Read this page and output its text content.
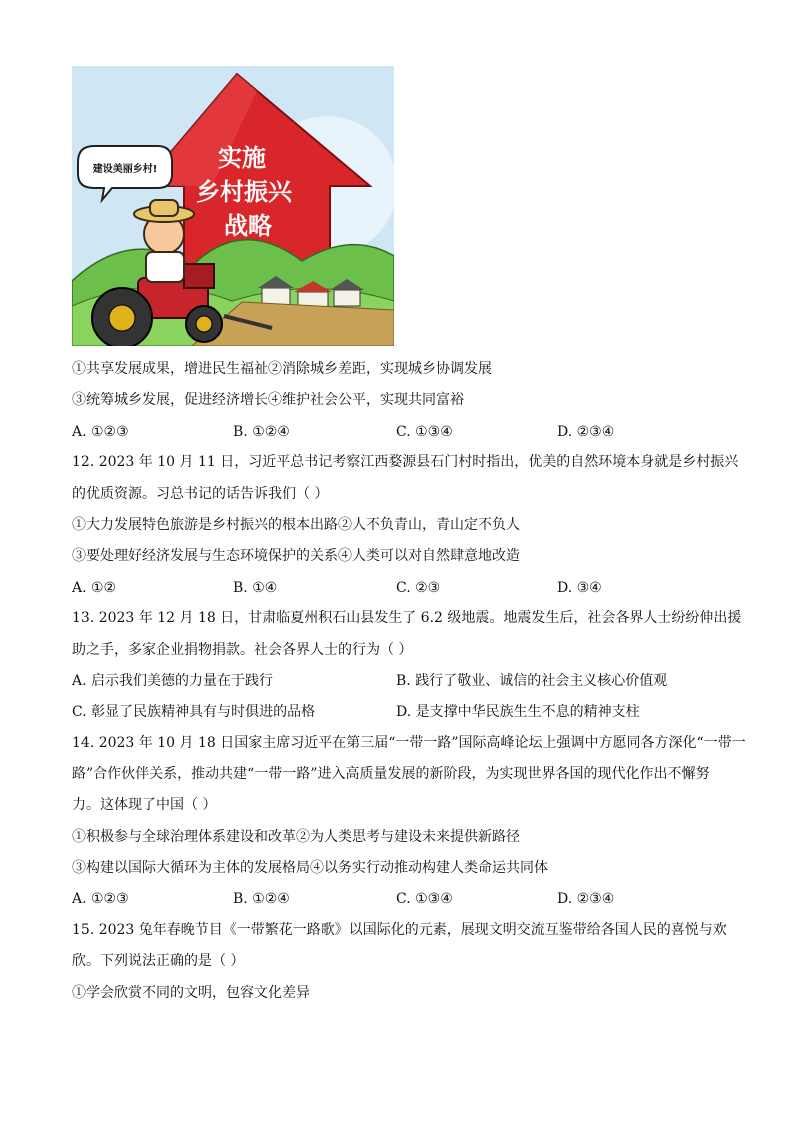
建设美丽乡村!	实施
乡村振兴
战略
①共享发展成果，增进民生福祉②消除城乡差距，实现城乡协调发展
③统筹城乡发展，促进经济增长④维护社会公平，实现共同富裕
A. ①②③	B. ①②④	C. ①③④	D. ②③④
12. 2023 年 10 月 11 日，习近平总书记考察江西婺源县石门村时指出，优美的自然环境本身就是乡村振兴
的优质资源。习总书记的话告诉我们（ ）
①大力发展特色旅游是乡村振兴的根本出路②人不负青山，青山定不负人
③要处理好经济发展与生态环境保护的关系④人类可以对自然肆意地改造
A. ①②	B. ①④	C. ②③	D. ③④
13. 2023 年 12 月 18 日，甘肃临夏州积石山县发生了 6.2 级地震。地震发生后，社会各界人士纷纷伸出援
助之手，多家企业捐物捐款。社会各界人士的行为（ ）
A. 启示我们美德的力量在于践行	B. 践行了敬业、诚信的社会主义核心价值观
C. 彰显了民族精神具有与时俱进的品格	D. 是支撑中华民族生生不息的精神支柱
14. 2023 年 10 月 18 日国家主席习近平在第三届“一带一路”国际高峰论坛上强调中方愿同各方深化“一带一
路”合作伙伴关系，推动共建“一带一路”进入高质量发展的新阶段，为实现世界各国的现代化作出不懈努
力。这体现了中国（ ）
①积极参与全球治理体系建设和改革②为人类思考与建设未来提供新路径
③构建以国际大循环为主体的发展格局④以务实行动推动构建人类命运共同体
A. ①②③	B. ①②④	C. ①③④	D. ②③④
15. 2023 兔年春晚节目《一带繁花一路歌》以国际化的元素，展现文明交流互鉴带给各国人民的喜悦与欢
欣。下列说法正确的是（ ）
①学会欣赏不同的文明，包容文化差异
